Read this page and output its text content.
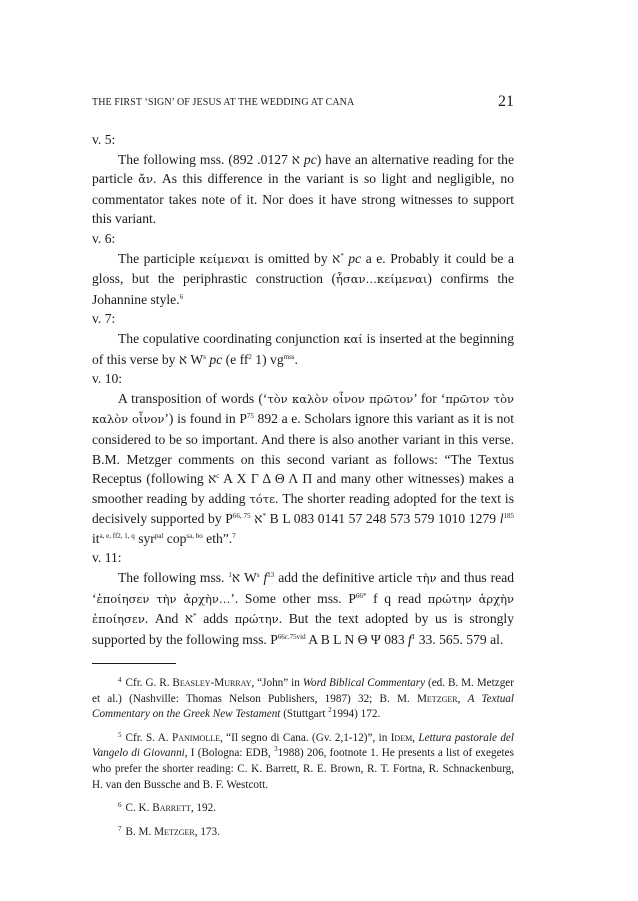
THE FIRST ‘SIGN’ OF JESUS AT THE WEDDING AT CANA	21

v. 5:

The following mss. (	א 0127. 892 pc) have an alternative reading for the particle ἄν. As this difference in the variant is so light and negligible, no commentator takes note of it. Nor does it have strong witnesses to support this variant.

v. 6:

The participle κείμεναι is omitted by א* pc a e. Probably it could be a gloss, but the periphrastic construction (ἦσαν…κείμεναι) confirms the Johannine style.$^6$

v. 7:

The copulative coordinating conjunction καί is inserted at the beginning of this verse by א $W^s$ pc (e $ff^2$ 1) $vg^{mss}$.

v. 10:

A transposition of words (‘τὸν καλὸν οἶνον πρῶτον’ for ‘πρῶτον τὸν καλὸν οἶνον’) is found in $P^{75}$ 892 a e. Scholars ignore this variant as it is not considered to be so important. And there is also another variant in this verse. B.M. Metzger comments on this second variant as follows: “The Textus Receptus (following א$^c$ A X Γ Δ Θ Λ Π and many other witnesses) makes a smoother reading by adding τότε. The shorter reading adopted for the text is decisively supported by P$^{66, 75}$ א* B L 083 0141 57 248 573 579 1010 1279 $l^{185}$ $it^{a, e, ff2, 1, q}$ syr$^{pal}$ cop$^{sa, bo}$ eth”.$^7$

v. 11:

The following mss. א$^1$ $W^s$ $f^{13}$ add the definitive article τὴν and thus read ‘ἐποίησεν τὴν ἀρχὴν…’. Some other mss. $P^{66*}$ f q read πρώτην ἀρχὴν ἐποίησεν. And א* adds πρώτην. But the text adopted by us is strongly supported by the following mss. $P^{66c.75vid}$ A B L N Θ Ψ 083 $f^1$ 33. 565. 579 al.

$^4$ Cfr. G. R. Beasley-Murray, “John” in Word Biblical Commentary (ed. B. M. Metzger et al.) (Nashville: Thomas Nelson Publishers, 1987) 32; B. M. Metzger, A Textual Commentary on the Greek New Testament (Stuttgart $^2$1994) 172.

$^5$ Cfr. S. A. Panimolle, “Il segno di Cana. (Gv. 2,1-12)”, in Idem, Lettura pastorale del Vangelo di Giovanni, I (Bologna: EDB, $^3$1988) 206, footnote 1. He presents a list of exegetes who prefer the shorter reading: C. K. Barrett, R. E. Brown, R. T. Fortna, R. Schnackenburg, H. van den Bussche and B. F. Westcott.

$^6$ C. K. Barrett, 192.

$^7$ B. M. Metzger, 173.
